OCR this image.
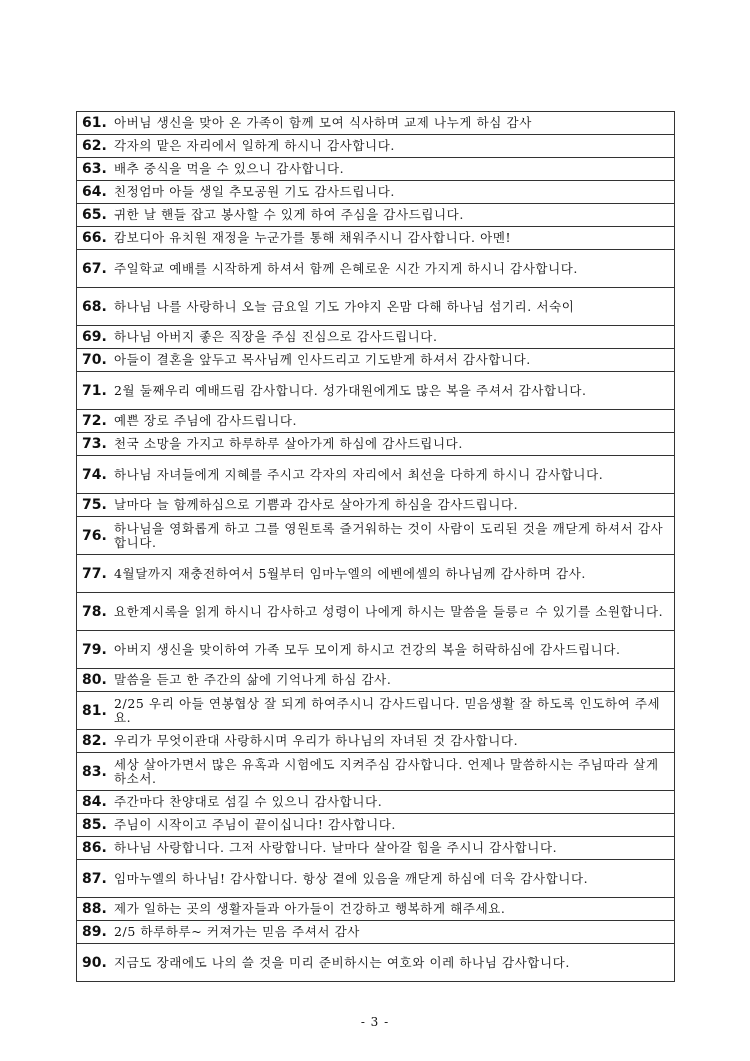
61. 아버님 생신을 맞아 온 가족이 함께 모여 식사하며 교제 나누게 하심 감사
62. 각자의 맡은 자리에서 일하게 하시니 감사합니다.
63. 배추 중식을 먹을 수 있으니 감사합니다.
64. 친정엄마 아들 생일 추모공원 기도 감사드립니다.
65. 귀한 날 핸들 잡고 봉사할 수 있게 하여 주심을 감사드립니다.
66. 캄보디아 유치원 재정을 누군가를 통해 채워주시니 감사합니다. 아멘!
67. 주일학교 예배를 시작하게 하셔서 함께 은혜로운 시간 가지게 하시니 감사합니다.
68. 하나님 나를 사랑하니 오늘 금요일 기도 가야지 온맘 다해 하나님 섬기리. 서숙이
69. 하나님 아버지 좋은 직장을 주심 진심으로 감사드립니다.
70. 아들이 결혼을 앞두고 목사님께 인사드리고 기도받게 하셔서 감사합니다.
71. 2월 둘째우리 예배드림 감사합니다. 성가대원에게도 많은 복을 주셔서 감사합니다.
72. 예쁜 장로 주님에 감사드립니다.
73. 천국 소망을 가지고 하루하루 살아가게 하심에 감사드립니다.
74. 하나님 자녀들에게 지혜를 주시고 각자의 자리에서 최선을 다하게 하시니 감사합니다.
75. 날마다 늘 함께하심으로 기쁨과 감사로 살아가게 하심을 감사드립니다.
76. 하나님을 영화롭게 하고 그를 영원토록 즐거워하는 것이 사람이 도리된 것을 깨닫게 하셔서 감사합니다.
77. 4월달까지 재충전하여서 5월부터 임마누엘의 에벤에셀의 하나님께 감사하며 감사.
78. 요한계시록을 읽게 하시니 감사하고 성령이 나에게 하시는 말씀을 들릉ㄹ 수 있기를 소원합니다.
79. 아버지 생신을 맞이하여 가족 모두 모이게 하시고 건강의 복을 허락하심에 감사드립니다.
80. 말씀을 듣고 한 주간의 삶에 기억나게 하심 감사.
81. 2/25 우리 아들 연봉협상 잘 되게 하여주시니 감사드립니다. 믿음생활 잘 하도록 인도하여 주세요.
82. 우리가 무엇이관대 사랑하시며 우리가 하나님의 자녀된 것 감사합니다.
83. 세상 살아가면서 많은 유혹과 시험에도 지켜주심 감사합니다. 언제나 말씀하시는 주님따라 살게 하소서.
84. 주간마다 찬양대로 섬길 수 있으니 감사합니다.
85. 주님이 시작이고 주님이 끝이십니다! 감사합니다.
86. 하나님 사랑합니다. 그저 사랑합니다. 날마다 살아갈 힘을 주시니 감사합니다.
87. 임마누엘의 하나님! 감사합니다. 항상 곁에 있음을 깨닫게 하심에 더욱 감사합니다.
88. 제가 일하는 곳의 생활자들과 아가들이 건강하고 행복하게 해주세요.
89. 2/5 하루하루~ 커져가는 믿음 주셔서 감사
90. 지금도 장래에도 나의 쓸 것을 미리 준비하시는 여호와 이레 하나님 감사합니다.
- 3 -
